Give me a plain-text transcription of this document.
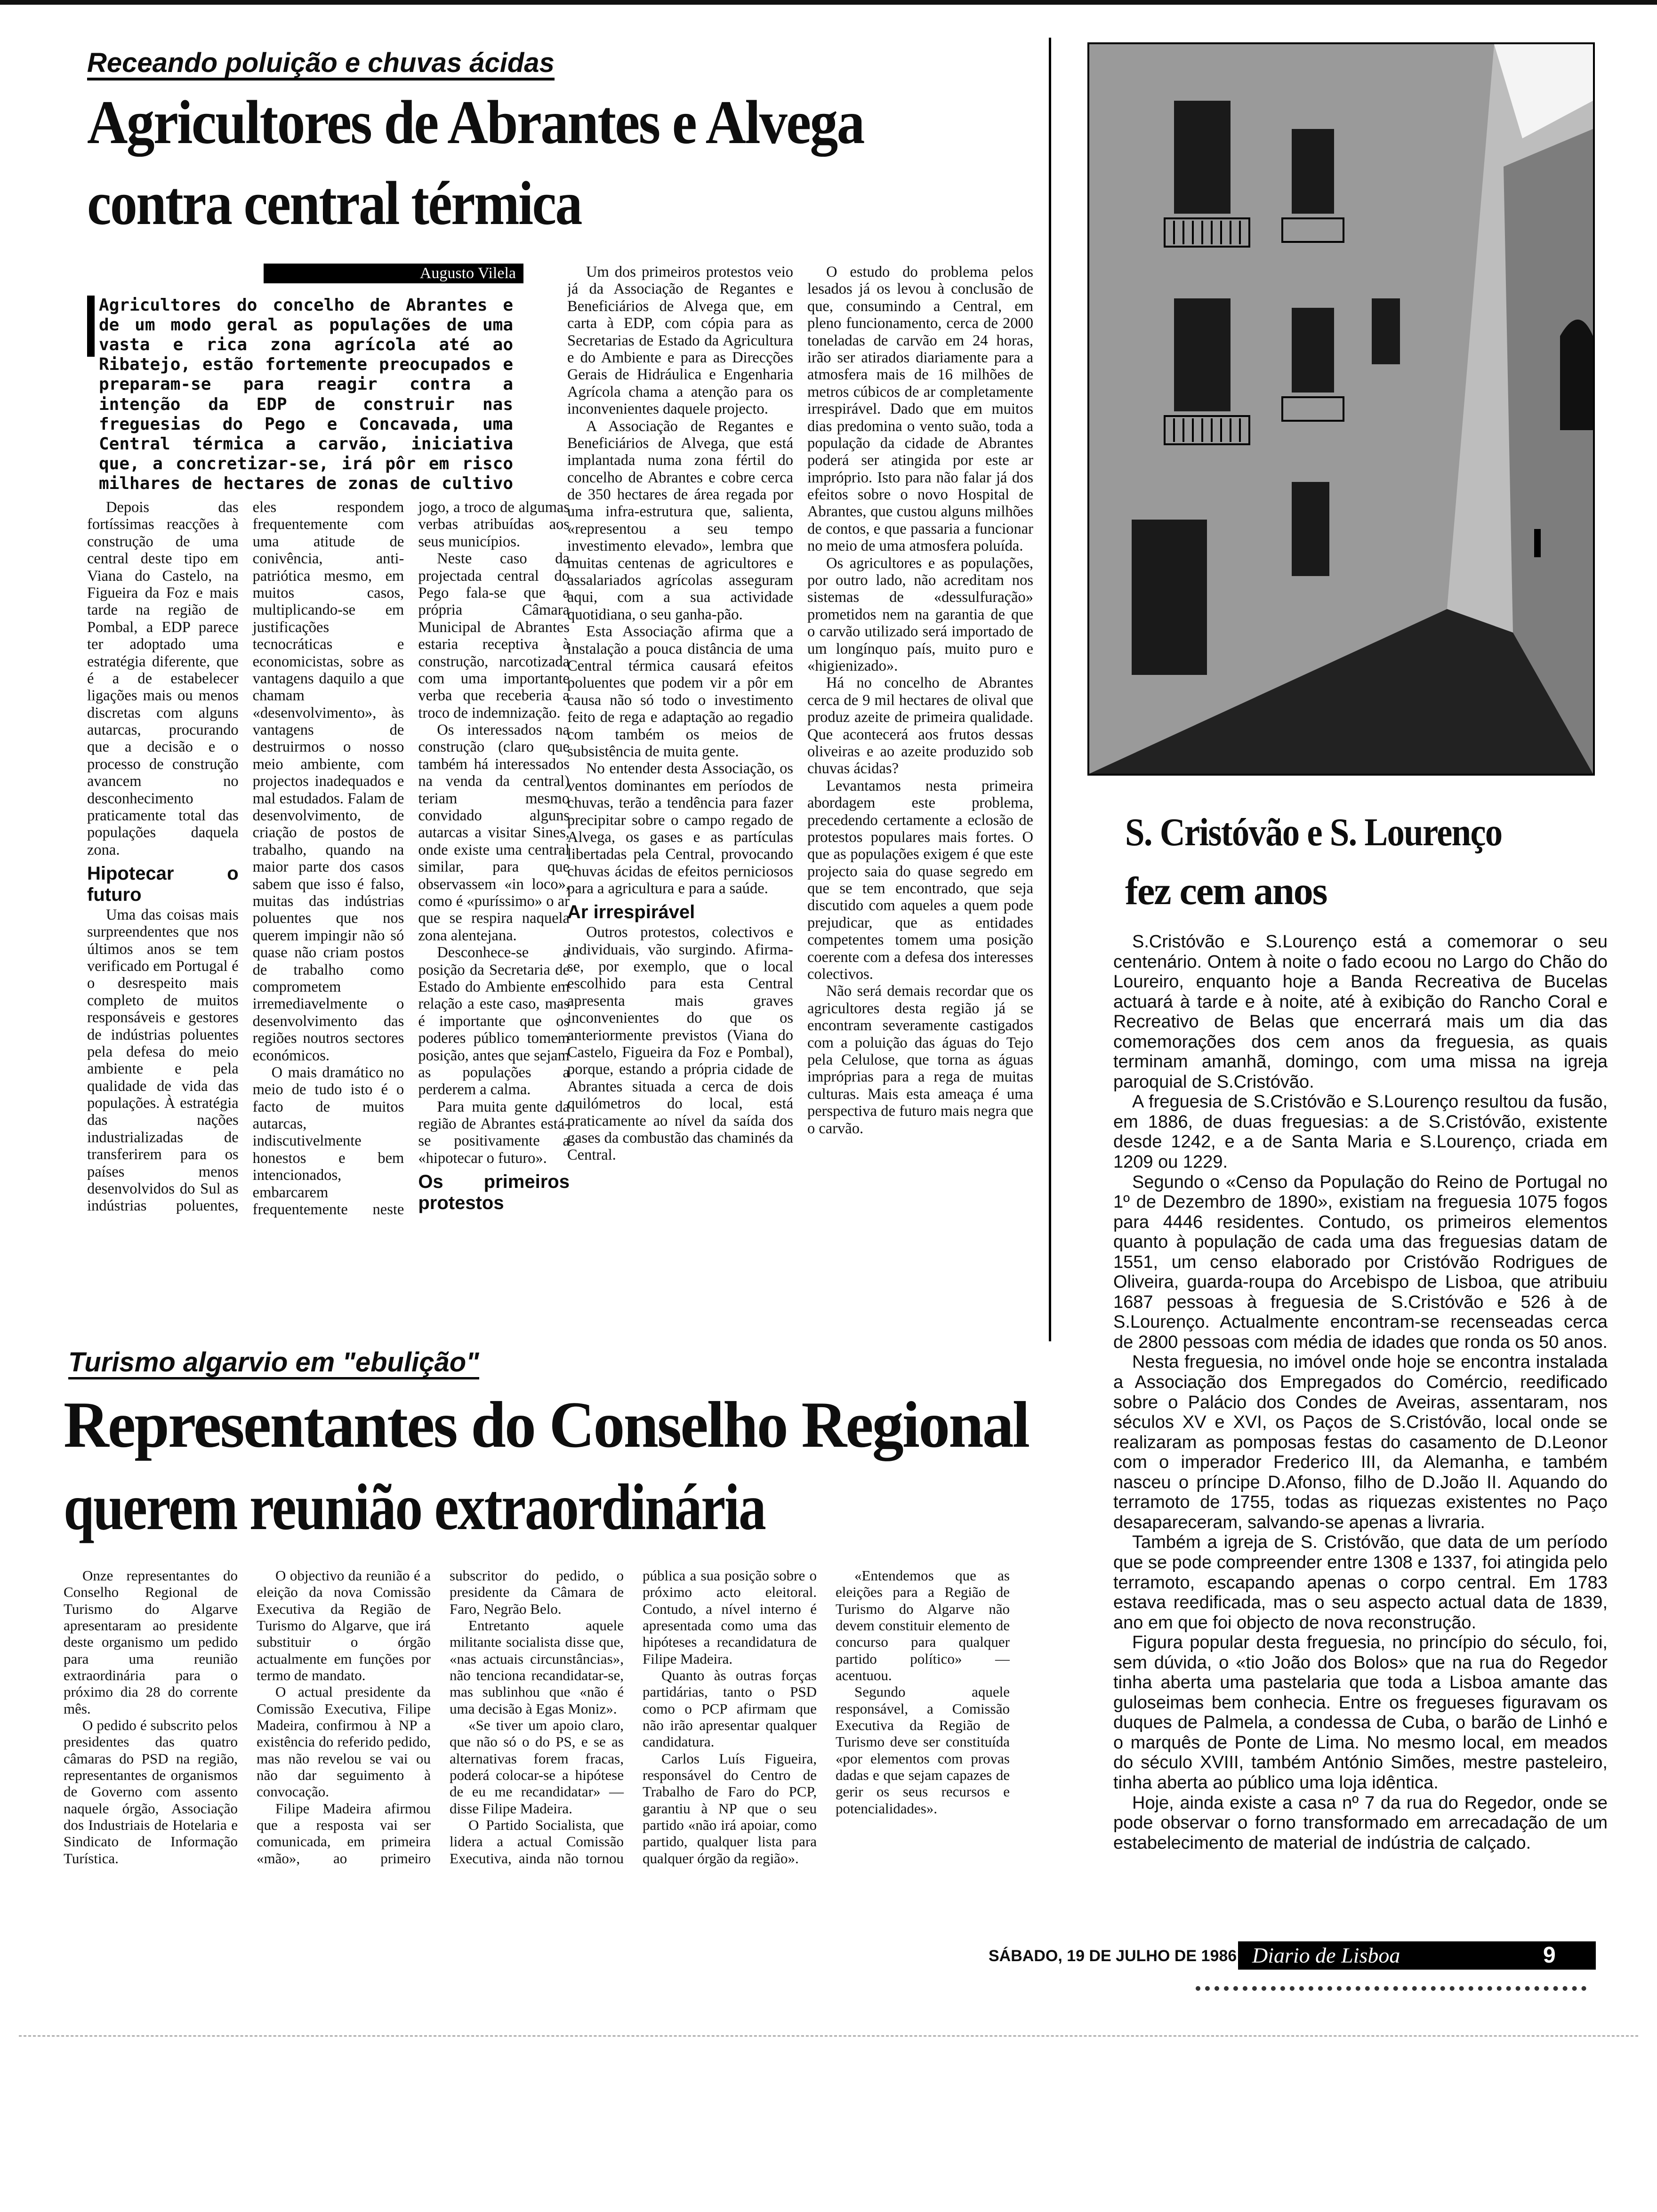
Receando poluição e chuvas ácidas
Agricultores de Abrantes e Alvega
contra central térmica
Augusto Vilela
Agricultores do concelho de Abrantes e de um modo geral as populações de uma vasta e rica zona agrícola até ao Ribatejo, estão fortemente preocupados e preparam-se para reagir contra a intenção da EDP de construir nas freguesias do Pego e Concavada, uma Central térmica a carvão, iniciativa que, a concretizar-se, irá pôr em risco milhares de hectares de zonas de cultivo

Depois das fortíssimas reacções à construção de uma central deste tipo em Viana do Castelo, na Figueira da Foz e mais tarde na região de Pombal, a EDP parece ter adoptado uma estratégia diferente, que é a de estabelecer ligações mais ou menos discretas com alguns autarcas, procurando que a decisão e o processo de construção avancem no desconhecimento praticamente total das populações daquela zona.

Hipotecar o futuro

Uma das coisas mais surpreendentes que nos últimos anos se tem verificado em Portugal é o desrespeito mais completo de muitos responsáveis e gestores de indústrias poluentes pela defesa do meio ambiente e pela qualidade de vida das populações. À estratégia das nações industrializadas de transferirem para os países menos desenvolvidos do Sul as indústrias poluentes, eles respondem frequentemente com uma atitude de conivência, anti-patriótica mesmo, em muitos casos, multiplicando-se em justificações tecnocráticas e economicistas, sobre as vantagens daquilo a que chamam «desenvolvimento», às vantagens de destruirmos o nosso meio ambiente, com projectos inadequados e mal estudados. Falam de desenvolvimento, de criação de postos de trabalho, quando na maior parte dos casos sabem que isso é falso, muitas das indústrias poluentes que nos querem impingir não só quase não criam postos de trabalho como comprometem irremediavelmente o desenvolvimento das regiões noutros sectores económicos.

O mais dramático no meio de tudo isto é o facto de muitos autarcas, indiscutivelmente honestos e bem intencionados, embarcarem frequentemente neste jogo, a troco de algumas verbas atribuídas aos seus municípios.

Neste caso da projectada central do Pego fala-se que a própria Câmara Municipal de Abrantes estaria receptiva à construção, narcotizada com uma importante verba que receberia a troco de indemnização.

Os interessados na construção (claro que também há interessados na venda da central) teriam mesmo convidado alguns autarcas a visitar Sines, onde existe uma central similar, para que observassem «in loco», como é «puríssimo» o ar que se respira naquela zona alentejana.

Desconhece-se a posição da Secretaria de Estado do Ambiente em relação a este caso, mas é importante que os poderes público tomem posição, antes que sejam as populações a perderem a calma.

Para muita gente da região de Abrantes está-se positivamente a «hipotecar o futuro».

Os primeiros protestos

Um dos primeiros protestos veio já da Associação de Regantes e Beneficiários de Alvega que, em carta à EDP, com cópia para as Secretarias de Estado da Agricultura e do Ambiente e para as Direcções Gerais de Hidráulica e Engenharia Agrícola chama a atenção para os inconvenientes daquele projecto.

A Associação de Regantes e Beneficiários de Alvega, que está implantada numa zona fértil do concelho de Abrantes e cobre cerca de 350 hectares de área regada por uma infra-estrutura que, salienta, «representou a seu tempo investimento elevado», lembra que muitas centenas de agricultores e assalariados agrícolas asseguram aqui, com a sua actividade quotidiana, o seu ganha-pão.

Esta Associação afirma que a instalação a pouca distância de uma Central térmica causará efeitos poluentes que podem vir a pôr em causa não só todo o investimento feito de rega e adaptação ao regadio com também os meios de subsistência de muita gente.

No entender desta Associação, os ventos dominantes em períodos de chuvas, terão a tendência para fazer precipitar sobre o campo regado de Alvega, os gases e as partículas libertadas pela Central, provocando chuvas ácidas de efeitos perniciosos para a agricultura e para a saúde.

Ar irrespirável

Outros protestos, colectivos e individuais, vão surgindo. Afirma-se, por exemplo, que o local escolhido para esta Central apresenta mais graves inconvenientes do que os anteriormente previstos (Viana do Castelo, Figueira da Foz e Pombal), porque, estando a própria cidade de Abrantes situada a cerca de dois quilómetros do local, está praticamente ao nível da saída dos gases da combustão das chaminés da Central.

O estudo do problema pelos lesados já os levou à conclusão de que, consumindo a Central, em pleno funcionamento, cerca de 2000 toneladas de carvão em 24 horas, irão ser atirados diariamente para a atmosfera mais de 16 milhões de metros cúbicos de ar completamente irrespirável. Dado que em muitos dias predomina o vento suão, toda a população da cidade de Abrantes poderá ser atingida por este ar impróprio. Isto para não falar já dos efeitos sobre o novo Hospital de Abrantes, que custou alguns milhões de contos, e que passaria a funcionar no meio de uma atmosfera poluída.

Os agricultores e as populações, por outro lado, não acreditam nos sistemas de «dessulfuração» prometidos nem na garantia de que o carvão utilizado será importado de um longínquo país, muito puro e «higienizado».

Há no concelho de Abrantes cerca de 9 mil hectares de olival que produz azeite de primeira qualidade. Que acontecerá aos frutos dessas oliveiras e ao azeite produzido sob chuvas ácidas?

Levantamos nesta primeira abordagem este problema, precedendo certamente a eclosão de protestos populares mais fortes. O que as populações exigem é que este projecto saia do quase segredo em que se tem encontrado, que seja discutido com aqueles a quem pode prejudicar, que as entidades competentes tomem uma posição coerente com a defesa dos interesses colectivos.

Não será demais recordar que os agricultores desta região já se encontram severamente castigados com a poluição das águas do Tejo pela Celulose, que torna as águas impróprias para a rega de muitas culturas. Mais esta ameaça é uma perspectiva de futuro mais negra que o carvão.

Turismo algarvio em "ebulição"
Representantes do Conselho Regional
querem reunião extraordinária

Onze representantes do Conselho Regional de Turismo do Algarve apresentaram ao presidente deste organismo um pedido para uma reunião extraordinária para o próximo dia 28 do corrente mês.

O pedido é subscrito pelos presidentes das quatro câmaras do PSD na região, representantes de organismos de Governo com assento naquele órgão, Associação dos Industriais de Hotelaria e Sindicato de Informação Turística.

O objectivo da reunião é a eleição da nova Comissão Executiva da Região de Turismo do Algarve, que irá substituir o órgão actualmente em funções por termo de mandato.

O actual presidente da Comissão Executiva, Filipe Madeira, confirmou à NP a existência do referido pedido, mas não revelou se vai ou não dar seguimento à convocação.

Filipe Madeira afirmou que a resposta vai ser comunicada, em primeira «mão», ao primeiro subscritor do pedido, o presidente da Câmara de Faro, Negrão Belo.

Entretanto aquele militante socialista disse que, «nas actuais circunstâncias», não tenciona recandidatar-se, mas sublinhou que «não é uma decisão à Egas Moniz».

«Se tiver um apoio claro, que não só o do PS, e se as alternativas forem fracas, poderá colocar-se a hipótese de eu me recandidatar» — disse Filipe Madeira.

O Partido Socialista, que lidera a actual Comissão Executiva, ainda não tornou pública a sua posição sobre o próximo acto eleitoral. Contudo, a nível interno é apresentada como uma das hipóteses a recandidatura de Filipe Madeira.

Quanto às outras forças partidárias, tanto o PSD como o PCP afirmam que não irão apresentar qualquer candidatura.

Carlos Luís Figueira, responsável do Centro de Trabalho de Faro do PCP, garantiu à NP que o seu partido «não irá apoiar, como partido, qualquer lista para qualquer órgão da região».

«Entendemos que as eleições para a Região de Turismo do Algarve não devem constituir elemento de concurso para qualquer partido político» — acentuou.

Segundo aquele responsável, a Comissão Executiva da Região de Turismo deve ser constituída «por elementos com provas dadas e que sejam capazes de gerir os seus recursos e potencialidades».

S. Cristóvão e S. Lourenço
fez cem anos

S.Cristóvão e S.Lourenço está a comemorar o seu centenário. Ontem à noite o fado ecoou no Largo do Chão do Loureiro, enquanto hoje a Banda Recreativa de Bucelas actuará à tarde e à noite, até à exibição do Rancho Coral e Recreativo de Belas que encerrará mais um dia das comemorações dos cem anos da freguesia, as quais terminam amanhã, domingo, com uma missa na igreja paroquial de S.Cristóvão.

A freguesia de S.Cristóvão e S.Lourenço resultou da fusão, em 1886, de duas freguesias: a de S.Cristóvão, existente desde 1242, e a de Santa Maria e S.Lourenço, criada em 1209 ou 1229.

Segundo o «Censo da População do Reino de Portugal no 1º de Dezembro de 1890», existiam na freguesia 1075 fogos para 4446 residentes. Contudo, os primeiros elementos quanto à população de cada uma das freguesias datam de 1551, um censo elaborado por Cristóvão Rodrigues de Oliveira, guarda-roupa do Arcebispo de Lisboa, que atribuiu 1687 pessoas à freguesia de S.Cristóvão e 526 à de S.Lourenço. Actualmente encontram-se recenseadas cerca de 2800 pessoas com média de idades que ronda os 50 anos.

Nesta freguesia, no imóvel onde hoje se encontra instalada a Associação dos Empregados do Comércio, reedificado sobre o Palácio dos Condes de Aveiras, assentaram, nos séculos XV e XVI, os Paços de S.Cristóvão, local onde se realizaram as pomposas festas do casamento de D.Leonor com o imperador Frederico III, da Alemanha, e também nasceu o príncipe D.Afonso, filho de D.João II. Aquando do terramoto de 1755, todas as riquezas existentes no Paço desapareceram, salvando-se apenas a livraria.

Também a igreja de S. Cristóvão, que data de um período que se pode compreender entre 1308 e 1337, foi atingida pelo terramoto, escapando apenas o corpo central. Em 1783 estava reedificada, mas o seu aspecto actual data de 1839, ano em que foi objecto de nova reconstrução.

Figura popular desta freguesia, no princípio do século, foi, sem dúvida, o «tio João dos Bolos» que na rua do Regedor tinha aberta uma pastelaria que toda a Lisboa amante das guloseimas bem conhecia. Entre os fregueses figuravam os duques de Palmela, a condessa de Cuba, o barão de Linhó e o marquês de Ponte de Lima. No mesmo local, em meados do século XVIII, também António Simões, mestre pasteleiro, tinha aberta ao público uma loja idêntica.

Hoje, ainda existe a casa nº 7 da rua do Regedor, onde se pode observar o forno transformado em arrecadação de um estabelecimento de material de indústria de calçado.

SÁBADO, 19 DE JULHO DE 1986 Diario de Lisboa	9
